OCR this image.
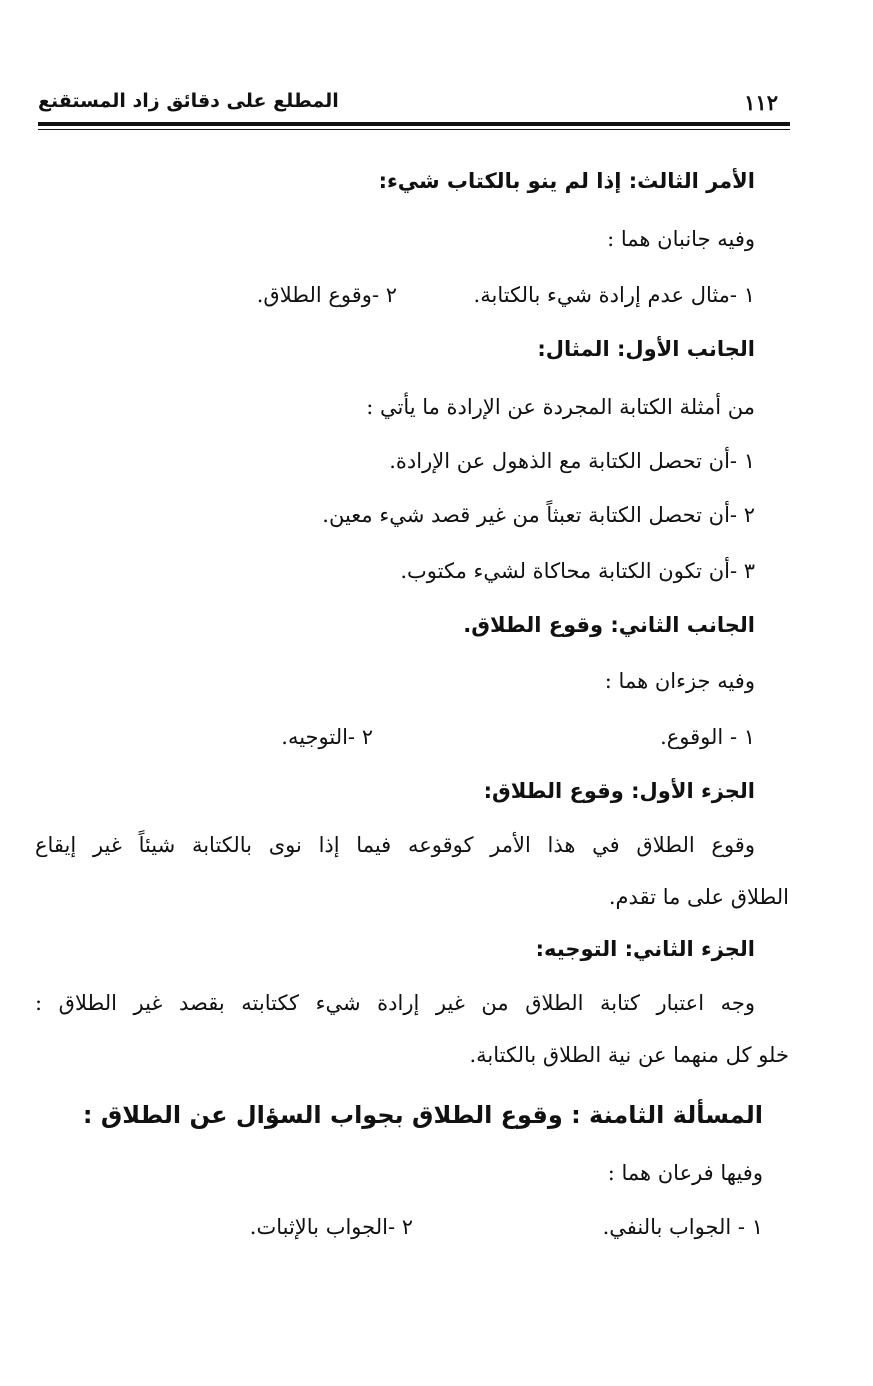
١١٢
المطلع على دقائق زاد المستقنع
الأمر الثالث: إذا لم ينو بالكتاب شيء:
وفيه جانبان هما :
١ -مثال عدم إرادة شيء بالكتابة.
٢ -وقوع الطلاق.
الجانب الأول: المثال:
من أمثلة الكتابة المجردة عن الإرادة ما يأتي :
١ -أن تحصل الكتابة مع الذهول عن الإرادة.
٢ -أن تحصل الكتابة تعبثاً من غير قصد شيء معين.
٣ -أن تكون الكتابة محاكاة لشيء مكتوب.
الجانب الثاني: وقوع الطلاق.
وفيه جزءان هما :
١ - الوقوع.
٢ -التوجيه.
الجزء الأول: وقوع الطلاق:
وقوع الطلاق في هذا الأمر كوقوعه فيما إذا نوى بالكتابة شيئاً غير إيقاع
الطلاق على ما تقدم.
الجزء الثاني: التوجيه:
وجه اعتبار كتابة الطلاق من غير إرادة شيء ككتابته بقصد غير الطلاق :
خلو كل منهما عن نية الطلاق بالكتابة.
المسألة الثامنة : وقوع الطلاق بجواب السؤال عن الطلاق :
وفيها فرعان هما :
١ - الجواب بالنفي.
٢ -الجواب بالإثبات.
